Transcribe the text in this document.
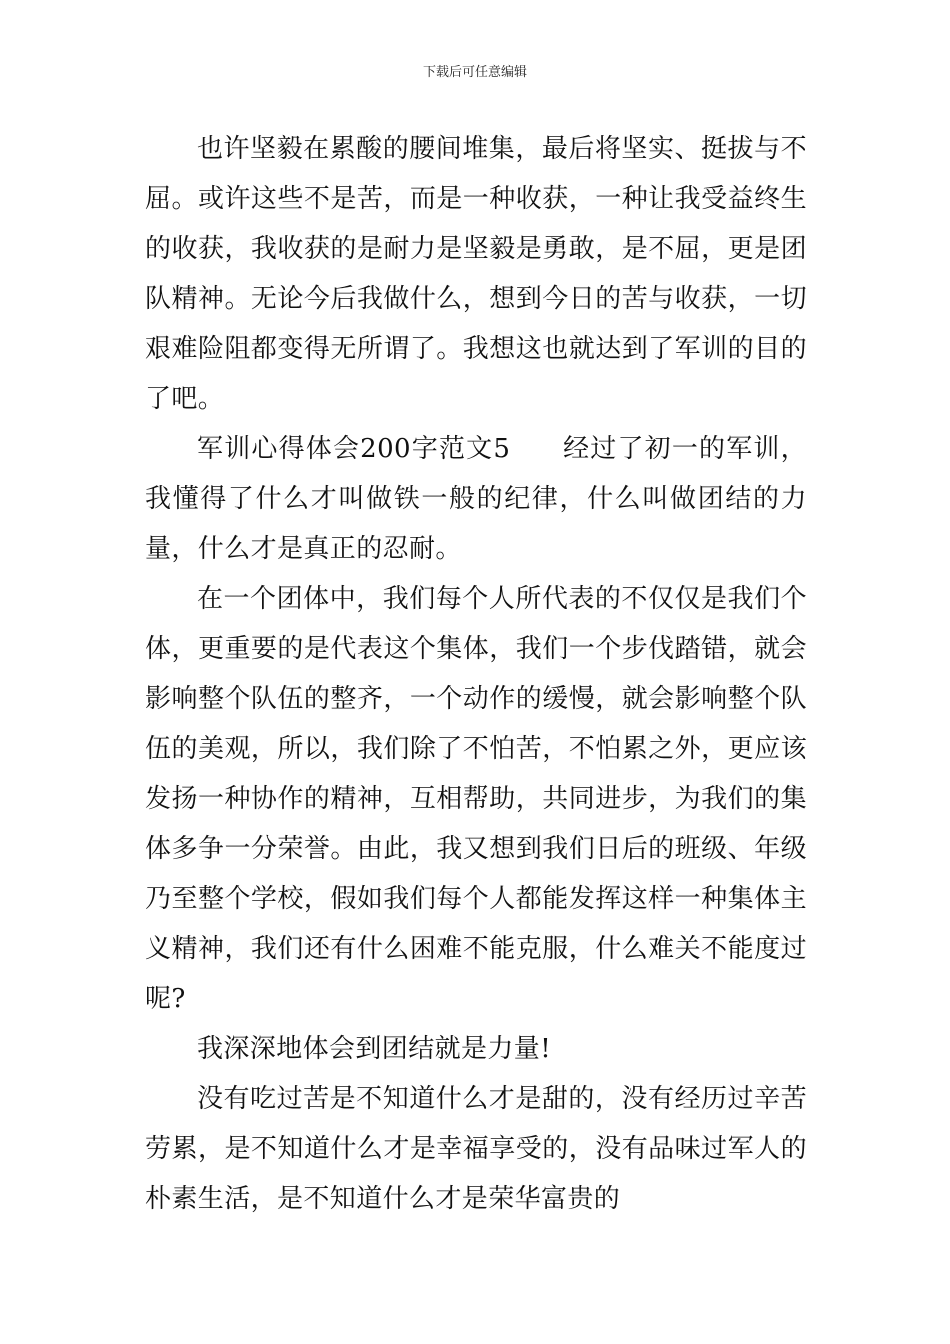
下载后可任意编辑

也许坚毅在累酸的腰间堆集，最后将坚实、挺拔与不屈。或许这些不是苦，而是一种收获，一种让我受益终生的收获，我收获的是耐力是坚毅是勇敢，是不屈，更是团队精神。无论今后我做什么，想到今日的苦与收获，一切艰难险阻都变得无所谓了。我想这也就达到了军训的目的了吧。

军训心得体会200字范文5 经过了初一的军训，我懂得了什么才叫做铁一般的纪律，什么叫做团结的力量，什么才是真正的忍耐。

在一个团体中，我们每个人所代表的不仅仅是我们个体，更重要的是代表这个集体，我们一个步伐踏错，就会影响整个队伍的整齐，一个动作的缓慢，就会影响整个队伍的美观，所以，我们除了不怕苦，不怕累之外，更应该发扬一种协作的精神，互相帮助，共同进步，为我们的集体多争一分荣誉。由此，我又想到我们日后的班级、年级乃至整个学校，假如我们每个人都能发挥这样一种集体主义精神，我们还有什么困难不能克服，什么难关不能度过呢?

我深深地体会到团结就是力量!

没有吃过苦是不知道什么才是甜的，没有经历过辛苦劳累，是不知道什么才是幸福享受的，没有品味过军人的朴素生活，是不知道什么才是荣华富贵的
